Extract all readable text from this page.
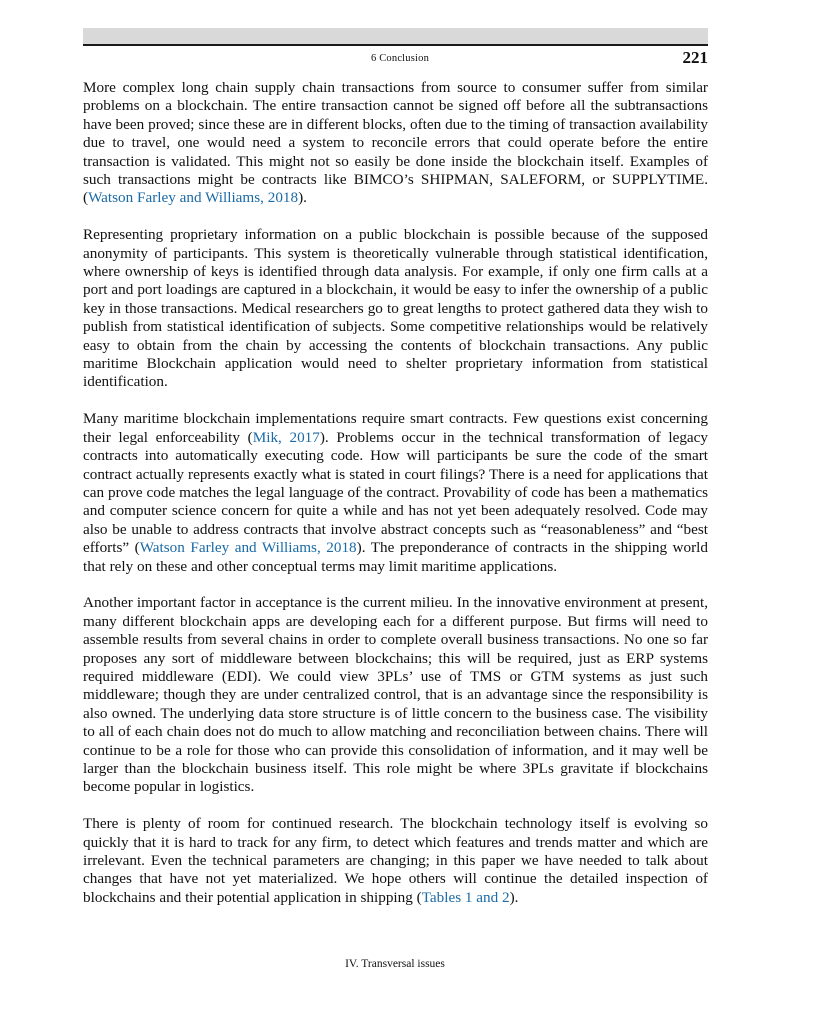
6 Conclusion	221

More complex long chain supply chain transactions from source to consumer suffer from similar problems on a blockchain. The entire transaction cannot be signed off before all the subtransactions have been proved; since these are in different blocks, often due to the timing of transaction availability due to travel, one would need a system to reconcile errors that could operate before the entire transaction is validated. This might not so easily be done inside the blockchain itself. Examples of such transactions might be contracts like BIMCO’s SHIPMAN, SALEFORM, or SUPPLYTIME. (Watson Farley and Williams, 2018).

Representing proprietary information on a public blockchain is possible because of the supposed anonymity of participants. This system is theoretically vulnerable through statistical identification, where ownership of keys is identified through data analysis. For example, if only one firm calls at a port and port loadings are captured in a blockchain, it would be easy to infer the ownership of a public key in those transactions. Medical researchers go to great lengths to protect gathered data they wish to publish from statistical identification of subjects. Some competitive relationships would be relatively easy to obtain from the chain by accessing the contents of blockchain transactions. Any public maritime Blockchain application would need to shelter proprietary information from statistical identification.

Many maritime blockchain implementations require smart contracts. Few questions exist concerning their legal enforceability (Mik, 2017). Problems occur in the technical transformation of legacy contracts into automatically executing code. How will participants be sure the code of the smart contract actually represents exactly what is stated in court filings? There is a need for applications that can prove code matches the legal language of the contract. Provability of code has been a mathematics and computer science concern for quite a while and has not yet been adequately resolved. Code may also be unable to address contracts that involve abstract concepts such as “reasonableness” and “best efforts” (Watson Farley and Williams, 2018). The preponderance of contracts in the shipping world that rely on these and other conceptual terms may limit maritime applications.

Another important factor in acceptance is the current milieu. In the innovative environment at present, many different blockchain apps are developing each for a different purpose. But firms will need to assemble results from several chains in order to complete overall business transactions. No one so far proposes any sort of middleware between blockchains; this will be required, just as ERP systems required middleware (EDI). We could view 3PLs’ use of TMS or GTM systems as just such middleware; though they are under centralized control, that is an advantage since the responsibility is also owned. The underlying data store structure is of little concern to the business case. The visibility to all of each chain does not do much to allow matching and reconciliation between chains. There will continue to be a role for those who can provide this consolidation of information, and it may well be larger than the blockchain business itself. This role might be where 3PLs gravitate if blockchains become popular in logistics.

There is plenty of room for continued research. The blockchain technology itself is evolving so quickly that it is hard to track for any firm, to detect which features and trends matter and which are irrelevant. Even the technical parameters are changing; in this paper we have needed to talk about changes that have not yet materialized. We hope others will continue the detailed inspection of blockchains and their potential application in shipping (Tables 1 and 2).

IV. Transversal issues
